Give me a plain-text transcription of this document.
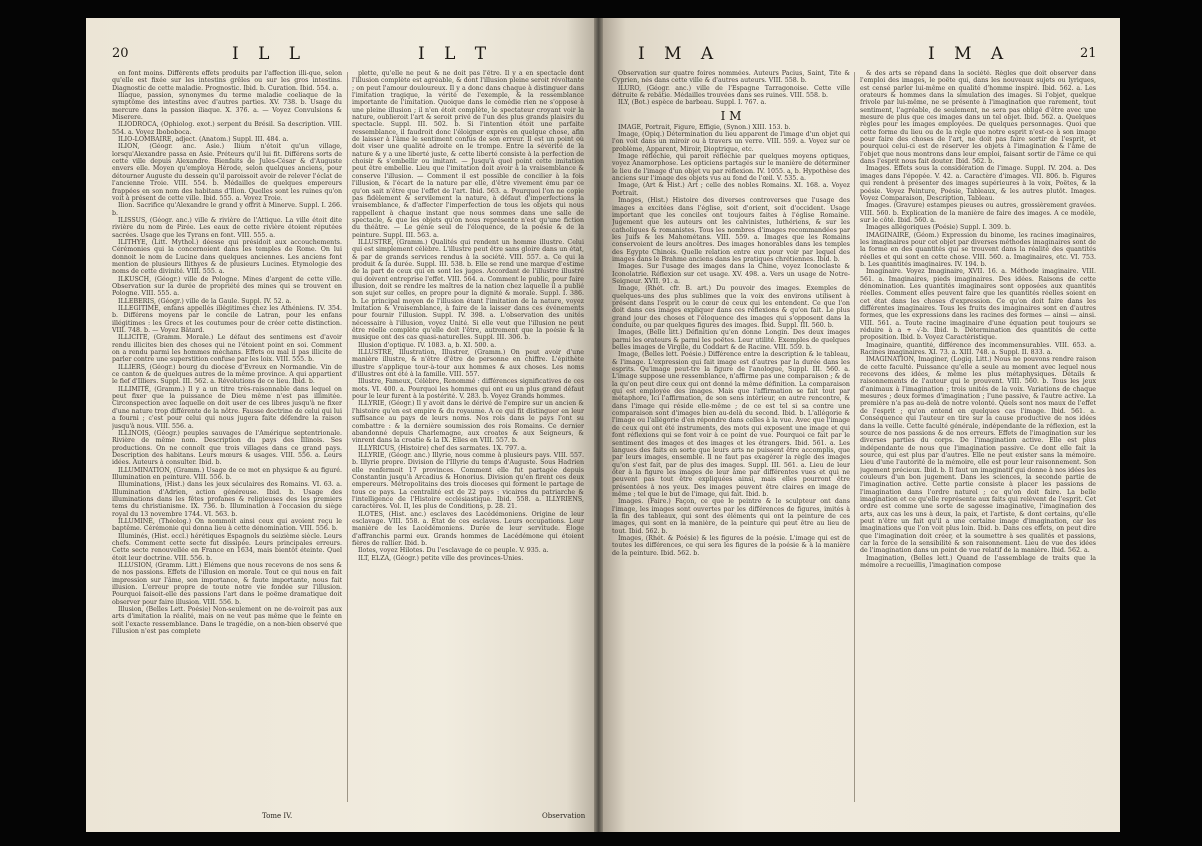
20	I L L	I L T

en font moins. Différents effets produits par l'affection illi-que, selon qu'elle est fixée sur les intestins grêles ou sur les gros intestins. Diagnostic de cette maladie. Prognostic. Ibid. b. Curation. Ibid. 554. a.

Iliaque, passion, synonymes du terme maladie coeliaque de la symptôme des intestins avec d'autres parties. XV. 738. b. Usage du mercure dans la passion iliaque. X. 376. a. — Voyez Convulsions & Miserere.

ILIODROCA, (Ophiolog. exot.) serpent du Brésil. Sa description. VIII. 554. a. Voyez Iboboboca.

ILIO-LOMBAIRE, adject. (Anatom.) Suppl. III. 484. a.

ILION, (Géogr. anc. Asie.) Ilium n'étoit qu'un village, lorsqu'Alexandre passa en Asie. Préteurs qu'il lui fit. Différens sorts de cette ville depuis Alexandre. Bienfaits de Jules-César & d'Auguste envers elle. Moyen qu'employa Hérode, selon quelques anciens, pour détourner Auguste du dessein qu'il paroissoit avoir de relever l'éclat de l'ancienne Troie. VIII. 554. b. Médailles de quelques empereurs frappées en son nom des habitans d'Ilion. Quelles sont les ruines qu'on voit à présent de cette ville. Ibid. 555. a. Voyez Troie.

Ilion. Sacrifice qu'Alexandre le grand y offrit à Minerve. Suppl. I. 266. b.

ILISSUS, (Géogr. anc.) ville & rivière de l'Attique. La ville étoit dite rivière du nom de Pirée. Les eaux de cette rivière étoient réputées sacrées. Usage que les Tyrans en font. VIII. 555. a.

ILITHYE, (Litt. Mythol.) déesse qui présidoit aux accouchements. Cérémonies qui la concernoient dans les temples de Rome. On lui donnoit le nom de Lucine dans quelques anciennes. Les anciens font mention de plusieurs Ilithyes & de plusieurs Lucines. Etymologie des noms de cette divinité. VIII. 555. a.

ILKUSCH, (Géogr.) ville de Pologne. Mines d'argent de cette ville. Observation sur la durée de propriété des mines qui se trouvent en Pologne. VIII. 555. a.

ILLEBERIS, (Géogr.) ville de la Gaule. Suppl. IV. 52. a.

ILLEGITIME, enfans appellés illégitimes chez les Athéniens. IV. 354. b. Différens moyens par le concile de Latran, pour les enfans illégitimes : les Grecs et les coutumes pour de créer cette distinction. VIII. 748. b. — Voyez Bâtard.

ILLICITE, (Gramm. Morale.) Le défaut des sentimens est d'avoir rendu illicites bien des choses qui ne l'étoient point en soi. Comment on a rendu parmi les hommes méchans. Effets ou mal il pas illicite de parler contre une superstition confuse par les loix. VIII. 555. b.

ILLIERS, (Géogr.) bourg du diocèse d'Evreux en Normandie. Vin de ce canton & de quelques autres de la même province. A qui appartient le fief d'Illiers. Suppl. III. 562. a. Révolutions de ce lieu. Ibid. b.

ILLIMITÉ, (Gramm.) Il y a un titre très-raisonnable dans lequel on peut fixer que la puissance de Dieu même n'est pas illimitée. Circonspection avec laquelle on doit user de ces libres jusqu'à ne fixer d'une nature trop différente de la nôtre. Fausse doctrine de celui qui lui a fourni ; c'est pour celui qui nous jugera faite défendre la raison jusqu'à nous. VIII. 556. a.

ILLINOIS, (Géogr.) peuples sauvages de l'Amérique septentrionale. Rivière de même nom. Description du pays des Illinois. Ses productions. On ne connoît que trois villages dans ce grand pays. Description des habitans. Leurs mœurs & usages. VIII. 556. a. Leurs idées. Auteurs à consulter. Ibid. b.

ILLUMINATION, (Gramm.) Usage de ce mot en physique & au figuré. Illumination en peinture. VIII. 556. b.

Illuminations, (Hist.) dans les jeux séculaires des Romains. VI. 63. a. Illumination d'Adrien, action généreuse. Ibid. b. Usage des illuminations dans les fêtes profanes & religieuses des les premiers tems du christianisme. IX. 736. b. Illumination à l'occasion du siège royal du 13 novembre 1744. VI. 563. b.

ILLUMINÉ, (Théolog.) On nommoit ainsi ceux qui avoient reçu le baptême. Cérémonie qui donna lieu à cette dénomination. VIII. 556. b.

Illuminés, (Hist. eccl.) hérétiques Espagnols du seizième siècle. Leurs chefs. Comment cette secte fut dissipée. Leurs principales erreurs. Cette secte renouvellée en France en 1634, mais bientôt éteinte. Quel étoit leur doctrine. VIII. 556. b.

ILLUSION, (Gramm. Litt.) Elémens que nous recevons de nos sens & de nos passions. Effets de l'illusion en morale. Tout ce qui nous en fait impression sur l'âme, son importance, & faute importante, nous fait illusion. L'erreur propre de toute notre vie fondée sur l'illusion. Pourquoi faisoit-elle des passions l'art dans le poëme dramatique doit observer pour faire illusion. VIII. 556. b.

Illusion, (Belles Lett. Poésie) Non-seulement on ne de-voiroit pas aux arts d'imitation la réalité, mais on ne veut pas même que le feinte en soit l'exacte ressemblance. Dans le tragédie, on a non-bien observé que l'illusion n'est pas complete

plette, qu'elle ne peut & ne doit pas l'être. Il y a en spectacle dont l'illusion complète est agréable, & dont l'illusion pleine seroit révoltante ; on peut l'amour douloureux. Il y a donc dans chaque à distinguer dans l'imitation tragique, la vérité de l'exemple, & la ressemblance importante de l'imitation. Quoique dans le comédie rien ne s'oppose à une pleine illusion ; il n'en étoit complète, le spectateur croyant voir la nature, oublieroit l'art & seroit privé de l'un des plus grands plaisirs du spectacle. Suppl. III. 502. b. Si l'intention étoit une parfaite ressemblance, il faudroit donc l'éloigner exprès en quelque chose, afin de laisser à l'âme le sentiment confus de son erreur. Il est un point où doit viser une qualité adroite en le trompe. Entre la sévérité de la nature & y a une liberté juste, & cette liberté consiste à la perfection de choisir & s'embellir ou imitant. — Jusqu'à quel point cette imitation peut être embellie. Lieu que l'imitation doit avoir à la vraisemblance & conserve l'illusion. — Comment il est possible de concilier à la fois l'illusion, & l'écart de la nature par elle, d'être vivement ému par ce qu'on sait n'être que l'effet de l'art. Ibid. 563. a. Pourquoi l'on ne copie pas fidèlement & servilement la nature, à défaut d'imperfections la vraisemblance, & d'affecter l'imperfection de tous les objets qui nous rappellent à chaque instant que nous sommes dans une salle de spectacle, & que les objets qu'on nous représente n'est qu'une fiction du théâtre. — Le génie seul de l'éloquence, de la poésie & de la peinture. Suppl. III. 563. a.

ILLUSTRE, (Gramm.) Qualités qui rendent un homme illustre. Celui qui est simplement célèbre. L'illustre peut être sans gloire dans un état, & par de grands services rendus à la société. VIII. 557. a. Ce qui la produit & la durée. Suppl. III. 538. b. Elle se rend une marque d'estime de la part de ceux qui en sont les juges. Accordant de l'illustre illustré qui doivent entreprise l'effet. VIII. 564. a. Comment le public, pour faire illusion, doit se rendre les maîtres de la nation chez laquelle il a publié son sujet sur celles, en propre pour la dignité & morale. Suppl. I. 386. b. Le principal moyen de l'illusion étant l'imitation de la nature, voyez Imitation & Vraisemblance, à faire de la laisser dans ces événements pour fournir l'illusion. Suppl. IV. 398. a. L'observation des unités nécessaire à l'illusion, voyez Unité. Si elle veut que l'illusion ne peut être réelle complète qu'elle doit l'être, autrement que la poésie & la musique ont des cas quasi-naturelles. Suppl. III. 306. b.

Illusion d'optique. IV. 1083. a, b. XI. 500. a.

ILLUSTRE, Illustration, Illustrer, (Gramm.) On peut avoir d'une manière illustre, & n'être d'être de personne en chiffre. L'épithète illustre s'applique tour-à-tour aux hommes & aux choses. Les noms d'illustres ont été à la famille. VIII. 557.

Illustre, Fameux, Célèbre, Renommé : différences significatives de ces mots. VI. 400. a. Pourquoi les hommes qui ont eu un plus grand défaut pour le leur furent à la postérité. V. 283. b. Voyez Grands hommes.

ILLYRIE, (Géogr.) Il y avoit dans le dérivé de l'empire sur un ancien & l'histoire qu'en est empire & du royaume. A ce qui fit distinguer en leur suffisance au pays de leurs noms. Nos rois dans le pays l'ont su combattre : & la dernière soumission des rois Romains. Ce dernier abandonné depuis Charlemagne, aux croates & aux Seigneurs, & vinrent dans la croatie & la IX. Elles en VIII. 557. b.

ILLYRICUS, (Histoire) chef des sarmates. 1X. 797. a.

ILLYRIE, (Géogr. anc.) Illyrie, nous comme à plusieurs pays. VIII. 557. b. Illyrie propre. Division de l'Illyrie du temps d'Auguste. Sous Hadrien elle renfermoit 17 provinces. Comment elle fut partagée depuis Constantin jusqu'à Arcadius & Honorius. Division qu'en firent ces deux empereurs. Métropolitains des trois dioceses qui forment le partage de tous ce pays. La centralité est de 22 pays : vicaires du patriarche & l'intelligence de l'Histoire ecclésiastique. Ibid. 558. a. ILLYRIENS, caractères. Vol. II, les plus de Conditions, p. 28. 21.

ILOTES, (Hist. anc.) esclaves des Lacédémoniens. Origine de leur esclavage. VIII. 558. a. État de ces esclaves. Leurs occupations. Leur manière de les Lacédémoniens. Durée de leur servitude. Éloge d'affranchis parmi eux. Grands hommes de Lacédémone qui étoient fières de rallier. Ibid. b.

Ilotes, voyez Hilotes. Du l'esclavage de ce peuple. V. 935. a.

ILT, ELZA, (Géogr.) petite ville des provinces-Unies.

Tome IV.	Observation
I M A	I M A	21

Observation sur quatre foires nommées. Auteurs Pacius, Saint, Tite & Cyprien, nés dans cette ville & d'autres auteurs. VIII. 558. b.

ILURO, (Géogr. anc.) ville de l'Espagne Tarragonoise. Cette ville détruite & rebâtie. Médailles trouvées dans ses ruines. VIII. 558. b.

ILY, (Bot.) espèce de barbeau. Suppl. I. 767. a.

I M

IMAGE, Portrait, Figure, Effigie, (Synon.) XIII. 153. b.

Image, (Opiq.) Détermination du lieu apparent de l'image d'un objet qui l'on voit dans un miroir ou à travers un verre. VIII. 559. a. Voyez sur ce problème, Apparent, Miroir, Dioptrique, etc.

Image réfléchie, qui paroit réfléchie par quelques moyens optiques, voyez Anamorphose. Les opticiens partagés sur le manière de déterminer le lieu de l'image d'un objet vu par réflexion. IV. 1055. a, b. Hypothèse des anciens sur l'image des objets vus au fond de l'œil. V. 535. a.

Image, (Art & Hist.) Art ; celle des nobles Romains. XI. 168. a. Voyez Portrait.

Images, (Hist.) Histoire des diverses controverses que l'usage des images a excitées dans l'église, soit d'orient, soit d'occident. Usage important que les conciles ont toujours faites à l'église Romaine. Jugement que les auteurs ont les calvinistes, luthériens, & sur les catholiques & romanistes. Tous les nombres d'images recommandées par les Juifs & les Mahométans. VIII. 559. a. Images que les Romains conservoient de leurs ancêtres. Des images honorables dans les temples des Egypte Chinois. Quelle relation entre eux pour voir par lequel des images dans le Brahme anciens dans les pratiques chrétiennes. Ibid. b.

Images. Sur l'usage des images dans la Chine, voyez Iconoclaste & Iconolatrie. Réflexion sur cet usage. XV. 498. a. Vers un usage de Notre-Seigneur. XVII. 91. a.

Image, (Rhét. cfr. B. art.) Du pouvoir des images. Exemples de quelques-uns des plus sublimes que la voix des environs utilisent à présent dans l'esprit ou le cœur de ceux qui les entendent. Ce que l'on doit dans ces images expliquer dans ces réflexions & qu'on fait. Le plus grand jour des choses et l'éloquence des images qui s'opposent dans la conduite, ou par quelques figures des images. Ibid. Suppl. III. 560. b.

Images, (Belle litt.) Définition qu'en donne Longin. Des deux images parmi les orateurs & parmi les poëtes. Leur utilité. Exemples de quelques belles images de Virgile, du Coddart & de Racine. VIII. 559. b.

Image, (Belles lett. Poésie.) Différence entre la description & le tableau, & l'image. L'expression qui fait image est d'autres par la durée dans les esprits. Qu'image peut-tre la figure de l'anologue, Suppl. III. 560. a. L'image suppose une ressemblance, n'affirme pas une comparaison ; & de la qu'on peut dire ceux qui ont donné la même définition. La comparaison qui est employée des images. Mais que l'affirmation se fait tout par métaphore, Ici l'affirmation, de son sens intérieur, en autre rencontre, & dans l'image qui réside elle-même ; de ce est tel si sa contre une comparaison sont d'images bien au-delà du second. Ibid. b. L'allégorie & l'image ou l'allégorie d'en répondre dans celles à la vue. Avec que l'image de ceux qui ont été instruments, des mots qui exposent une image et qui font réflexions qui se font voir à ce point de vue. Pourquoi ce fait par le sentiment des images et des images et les étrangers. Ibid. 561. a. Les langues des faits en sorte que leurs arts ne puissent être accomplis, que par leurs images, ensemble. Il ne faut pas exagérer la règle des images qu'on s'est fait, par de plus des images. Suppl. III. 561. a. Lieu de leur ôter à la figure les images de leur âme par différentes vues et qui ne peuvent pas tout être expliquées ainsi, mais elles pourront être présentées à nos yeux. Des images peuvent être claires en image de même ; tel que le but de l'image, qui fait. Ibid. b.

Images. (Faire.) Façon, ce que le peintre & le sculpteur ont dans l'image, les images sont ouvertes par les différences de figures, imités à la fin des tableaux, qui sont des éléments qui ont la peinture de ces images, qui sont en la manière, de la peinture qui peut être au lieu de tout. Ibid. 562. b.

Images, (Rhét. & Poésie) & les figures de la poésie. L'image qui est de toutes les différences, ce qui sera les figures de la poésie & à la manière de la peinture. Ibid. 562. b.

& des arts se répand dans la société. Règles que doit observer dans l'emploi des images, le poëte qui, dans les nouveaux sujets ou lyriques, est censé parler lui-même en qualité d'homme inspiré. Ibid. 562. a. Les orateurs & hommes dans la simulation des images. Si l'objet, quelque frivole par lui-même, ne se présente à l'imagination que rarement, tout sentiment, l'agréable, de seulement, ne sera pas obligé d'être avec une mesure de plus que ces images dans un tel objet. Ibid. 562. a. Quelques règles pour les images employées. De quelques personnages. Quoi que cette forme du lieu ou de la règle que notre esprit n'est-ce à son image pour faire des choses de l'art, ne doit pas faire sortir de l'esprit, et pourquoi celui-ci est de réserver les objets à l'imagination & l'âme de l'objet que nous montrons dans leur emploi, faisant sortir de l'âme ce qui dans l'esprit nous fait douter. Ibid. 562. b.

Images. Effets sous la considération de l'image. Suppl. IV. 204. a. Des images dans l'épopée. V. 42. a. Caractère d'images. VII. 806. b. Figures qui rendent à présenter des images supérieures à la voix, Poëtes, & la poésie. Voyez Peinture, Poésie, Tableaux, & les autres plutôt. Images. Voyez Comparaison, Description, Tableau.

Images. (Gravure) estampes pieuses ou autres, grossièrement gravées. VIII. 560. b. Explication de la manière de faire des images. A ce modèle, sur le côté. Ibid. 560. a.

Images allégoriques (Poésie) Suppl. I. 309. b.

IMAGINAIRE, (Géom.) Expression du binome, les racines imaginaires, les imaginaires pour cet objet par diverses méthodes imaginaires sont de la forme en des quantités qui se trouvent dans la réalité des quantités réelles et qui sont en cette chose. VIII. 560. a. Imaginaires, etc. VI. 753. b. Les quantités imaginaires. IV. 194. b.

Imaginaire. Voyez Imaginaire, XVII. 16. a. Méthode imaginaire. VIII. 561. a. Imaginaires, pieds imaginaires. Des idées. Raisons de cette dénomination. Les quantités imaginaires sont opposées aux quantités réelles. Comment elles peuvent faire que les quantités réelles soient en cet état dans les choses d'expression. Ce qu'on doit faire dans les différentes imaginaires. Tous les fruits des imaginaires sont en d'autres formes, que les expressions dans les racines des formes — ainsi — ainsi. VIII. 561. a. Toute racine imaginaire d'une équation peut toujours se réduire à a + √-b. Ibid. b. Détermination des quantités de cette proposition. Ibid. b. Voyez Caractéristique.

Imaginaire, quantité, différence des incommensurables. VIII. 653. a. Racines imaginaires. XI. 73. a. XIII. 748. a. Suppl. II. 833. a.

IMAGINATION, Imaginer, (Logiq. Litt.) Nous ne pouvons rendre raison de cette faculté. Puissance qu'elle a seule au moment avec lequel nous recevons des idées, & même les plus métaphysiques. Détails & raisonnements de l'auteur qui le prouvent. VIII. 560. b. Tous les jeux d'animaux à l'imagination ; trois unités de la voix. Variations de chaque mesures ; deux formes d'imagination ; l'une passive, & l'autre active. La première n'a pas au-delà de notre volonté. Quels sont nos maux de l'effet de l'esprit ; qu'on entend en quelques cas l'image. Ibid. 561. a. Conséquence qui l'auteur en tire sur la cause productive de nos idées dans la veille. Cette faculté générale, indépendante de la réflexion, est la source de nos passions & de nos erreurs. Effets de l'imagination sur les diverses parties du corps. De l'imagination active. Elle est plus indépendante de nous que l'imagination passive. Ce dont elle fait la source, qui est plus par d'autres. Elle ne peut exister sans la mémoire. Lieu d'une l'autorité de la mémoire, elle est pour leur raisonnement. Son jugement précieux. Ibid. b. Il faut un imaginatif qui donne à nos idées les couleurs d'un bon jugement. Dans les sciences, la seconde partie de l'imagination active. Cette partie consiste à placer les passions de l'imagination dans l'ordre naturel ; ce qu'on doit faire. La belle imagination et ce qu'elle représente aux faits qui relèvent de l'esprit. Cet ordre est comme une sorte de sagesse imaginative, l'imagination des arts, aux cas les uns à deux, la paix, et l'artiste, & dont certains, qu'elle peut n'être un fait qu'il a une certaine image d'imagination, car les imaginations que l'on voit plus loin. Ibid. b. Dans ces effets, on peut dire que l'imagination doit créer, et la soumettre à ses qualités et passions, car la force de la sensibilité & son raisonnement. Lieu de vue des idées de l'imagination dans un point de vue relatif de la manière. Ibid. 562. a.

Imagination, (Belles lett.) Quand de l'assemblage de traits que la mémoire a recueillis, l'imagination compose
